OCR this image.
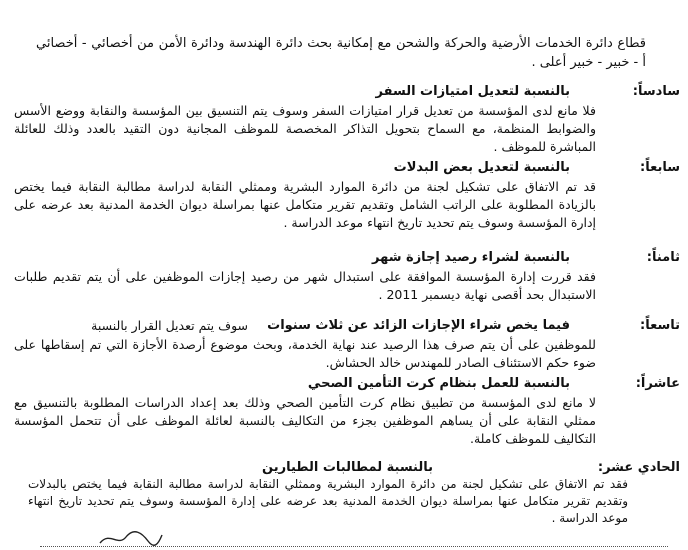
قطاع دائرة الخدمات الأرضية والحركة والشحن مع إمكانية بحث دائرة الهندسة ودائرة الأمن من أخصائي - أخصائي أ - خبير - خبير أعلى .
سادساً:
بالنسبة لتعديل امتيازات السفر
فلا مانع لدى المؤسسة من تعديل قرار امتيازات السفر وسوف يتم التنسيق بين المؤسسة والنقابة ووضع الأسس والضوابط المنظمة، مع السماح بتحويل التذاكر المخصصة للموظف المجانية دون التقيد بالعدد وذلك للعائلة المباشرة للموظف .
سابعاً:
بالنسبة لتعديل بعض البدلات
قد تم الاتفاق على تشكيل لجنة من دائرة الموارد البشرية وممثلي النقابة لدراسة مطالبة النقابة فيما يختص بالزيادة المطلوبة على الراتب الشامل وتقديم تقرير متكامل عنها بمراسلة ديوان الخدمة المدنية بعد عرضه على إدارة المؤسسة وسوف يتم تحديد تاريخ انتهاء موعد الدراسة .
ثامناً:
بالنسبة لشراء رصيد إجازة شهر
فقد قررت إدارة المؤسسة الموافقة على استبدال شهر من رصيد إجازات الموظفين على أن يتم تقديم طلبات الاستبدال بحد أقصى نهاية ديسمبر 2011 .
تاسعاً:
فيما يخص شراء الإجازات الزائد عن ثلاث سنوات
سوف يتم تعديل القرار بالنسبة
للموظفين على أن يتم صرف هذا الرصيد عند نهاية الخدمة، وبحث موضوع أرصدة الأجازة التي تم إسقاطها على ضوء حكم الاستئناف الصادر للمهندس خالد الحشاش.
عاشراً:
بالنسبة للعمل بنظام كرت التأمين الصحي
لا مانع لدى المؤسسة من تطبيق نظام كرت التأمين الصحي وذلك بعد إعداد الدراسات المطلوبة بالتنسيق مع ممثلي النقابة على أن يساهم الموظفين بجزء من التكاليف بالنسبة لعائلة الموظف على أن تتحمل المؤسسة التكاليف للموظف كاملة.
الحادي عشر:
بالنسبة لمطالبات الطيارين
فقد تم الاتفاق على تشكيل لجنة من دائرة الموارد البشرية وممثلي النقابة لدراسة مطالبة النقابة فيما يختص بالبدلات وتقديم تقرير متكامل عنها بمراسلة ديوان الخدمة المدنية بعد عرضه على إدارة المؤسسة وسوف يتم تحديد تاريخ انتهاء موعد الدراسة .
